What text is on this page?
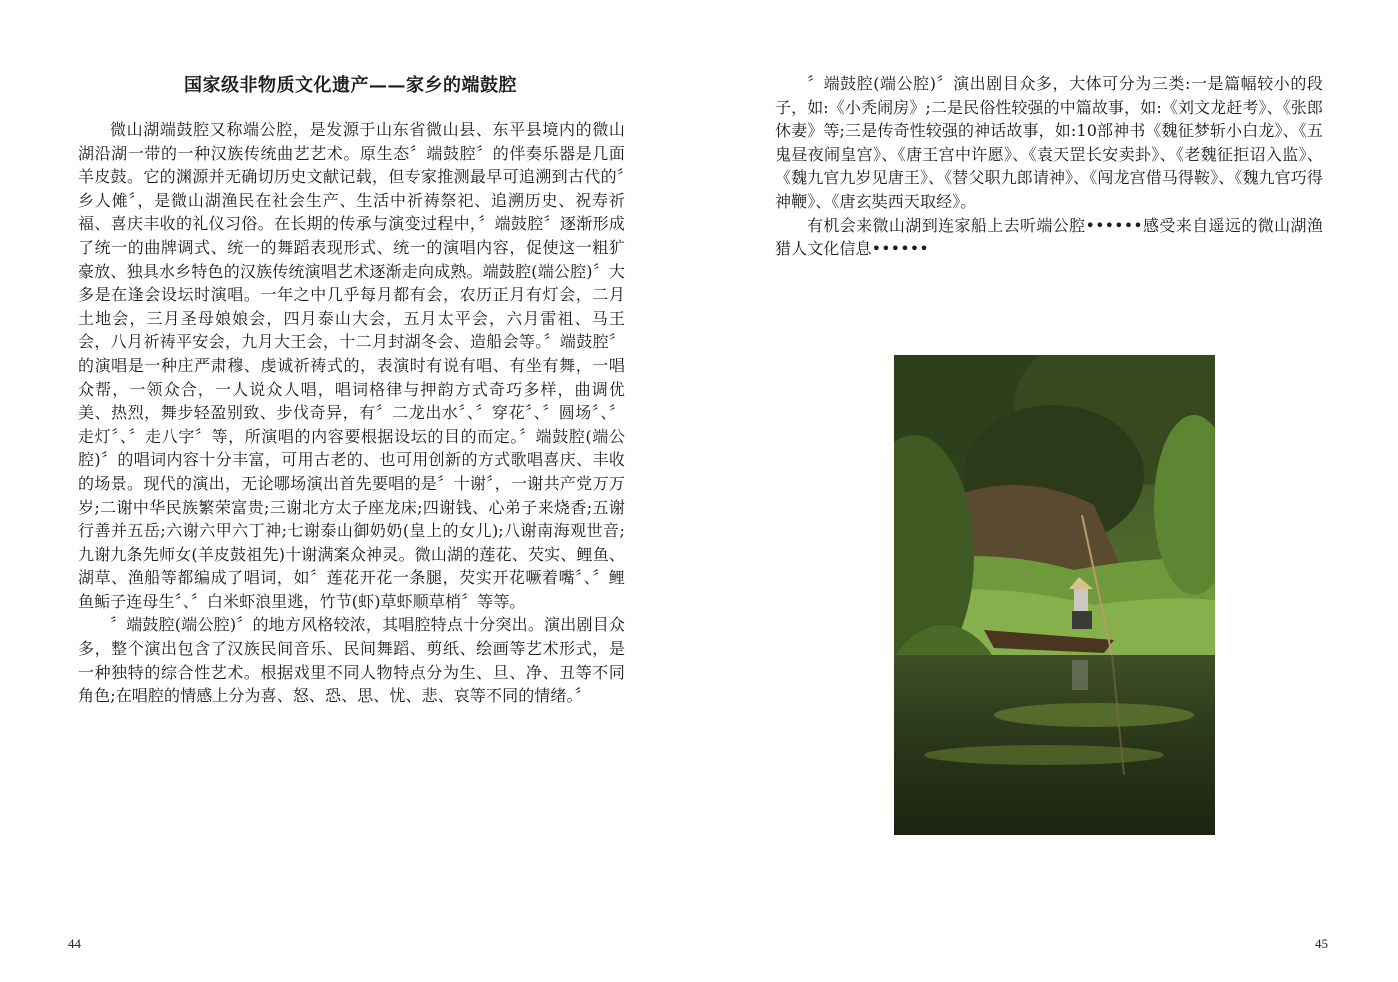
国家级非物质文化遗产——家乡的端鼓腔

微山湖端鼓腔又称端公腔，是发源于山东省微山县、东平县境内的微山湖沿湖一带的一种汉族传统曲艺艺术。原生态〞端鼓腔〞的伴奏乐器是几面羊皮鼓。它的渊源并无确切历史文献记载，但专家推测最早可追溯到古代的〞乡人傩〞，是微山湖渔民在社会生产、生活中祈祷祭祀、追溯历史、祝寿祈福、喜庆丰收的礼仪习俗。在长期的传承与演变过程中，〞端鼓腔〞逐渐形成了统一的曲牌调式、统一的舞蹈表现形式、统一的演唱内容，促使这一粗犷豪放、独具水乡特色的汉族传统演唱艺术逐渐走向成熟。端鼓腔(端公腔)〞大多是在逢会设坛时演唱。一年之中几乎每月都有会，农历正月有灯会，二月土地会，三月圣母娘娘会，四月泰山大会，五月太平会，六月雷祖、马王会，八月祈祷平安会，九月大王会，十二月封湖冬会、造船会等。〞端鼓腔〞的演唱是一种庄严肃穆、虔诚祈祷式的，表演时有说有唱、有坐有舞，一唱众帮，一领众合，一人说众人唱，唱词格律与押韵方式奇巧多样，曲调优美、热烈，舞步轻盈别致、步伐奇异，有〞二龙出水〞、〞穿花〞、〞圆场〞、〞走灯〞、〞走八字〞等，所演唱的内容要根据设坛的目的而定。〞端鼓腔(端公腔)〞的唱词内容十分丰富，可用古老的、也可用创新的方式歌唱喜庆、丰收的场景。现代的演出，无论哪场演出首先要唱的是〞十谢〞，一谢共产党万万岁;二谢中华民族繁荣富贵;三谢北方太子座龙床;四谢钱、心弟子来烧香;五谢行善并五岳;六谢六甲六丁神;七谢泰山御奶奶(皇上的女儿);八谢南海观世音;九谢九条先师女(羊皮鼓祖先)十谢满案众神灵。微山湖的莲花、芡实、鲤鱼、湖草、渔船等都编成了唱词，如〞莲花开花一条腿，芡实开花噘着嘴〞、〞鲤鱼鲘子连母生〞、〞白米虾浪里逃，竹节(虾)草虾顺草梢〞等等。

〞端鼓腔(端公腔)〞的地方风格较浓，其唱腔特点十分突出。演出剧目众多，整个演出包含了汉族民间音乐、民间舞蹈、剪纸、绘画等艺术形式，是一种独特的综合性艺术。根据戏里不同人物特点分为生、旦、净、丑等不同角色;在唱腔的情感上分为喜、怒、恐、思、忧、悲、哀等不同的情绪。〞

44

〞端鼓腔(端公腔)〞演出剧目众多，大体可分为三类:一是篇幅较小的段子，如:《小秃闹房》;二是民俗性较强的中篇故事，如:《刘文龙赶考》、《张郎休妻》等;三是传奇性较强的神话故事，如:10部神书《魏征梦斩小白龙》、《五鬼昼夜闹皇宫》、《唐王宫中许愿》、《袁天罡长安卖卦》、《老魏征拒诏入监》、《魏九官九岁见唐王》、《替父职九郎请神》、《闯龙宫借马得鞍》、《魏九官巧得神鞭》、《唐玄奘西天取经》。

有机会来微山湖到连家船上去听端公腔••••••感受来自遥远的微山湖渔猎人文化信息••••••

45
